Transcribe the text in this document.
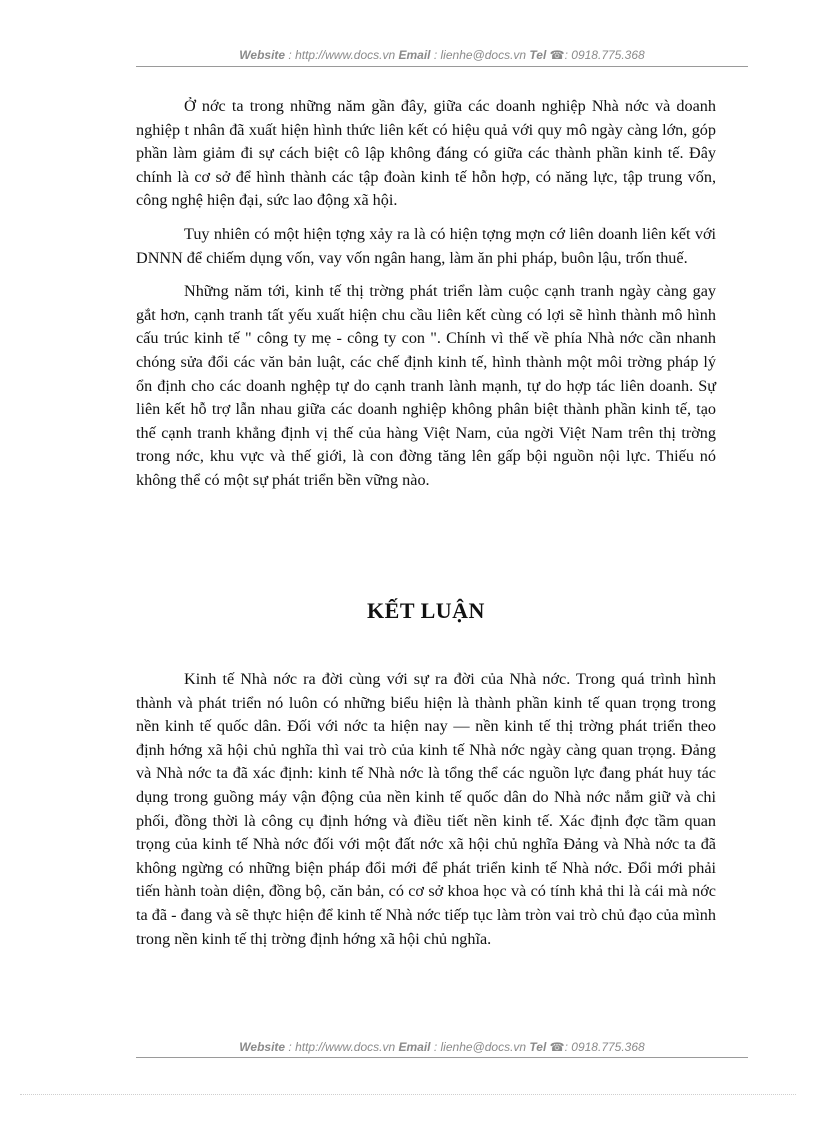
Website : http://www.docs.vn Email : lienhe@docs.vn Tel ☎: 0918.775.368

Ở nớc ta trong những năm gần đây, giữa các doanh nghiệp Nhà nớc và doanh nghiệp t nhân đã xuất hiện hình thức liên kết có hiệu quả với quy mô ngày càng lớn, góp phần làm giảm đi sự cách biệt cô lập không đáng có giữa các thành phần kinh tế. Đây chính là cơ sở để hình thành các tập đoàn kinh tế hỗn hợp, có năng lực, tập trung vốn, công nghệ hiện đại, sức lao động xã hội.

Tuy nhiên có một hiện tợng xảy ra là có hiện tợng mợn cớ liên doanh liên kết với DNNN để chiếm dụng vốn, vay vốn ngân hang, làm ăn phi pháp, buôn lậu, trốn thuế.

Những năm tới, kinh tế thị trờng phát triển làm cuộc cạnh tranh ngày càng gay gắt hơn, cạnh tranh tất yếu xuất hiện chu cầu liên kết cùng có lợi sẽ hình thành mô hình cấu trúc kinh tế " công ty mẹ - công ty con ". Chính vì thế về phía Nhà nớc cần nhanh chóng sửa đổi các văn bản luật, các chế định kinh tế, hình thành một môi trờng pháp lý ổn định cho các doanh nghệp tự do cạnh tranh lành mạnh, tự do hợp tác liên doanh. Sự liên kết hỗ trợ lẫn nhau giữa các doanh nghiệp không phân biệt thành phần kinh tế, tạo thế cạnh tranh khẳng định vị thế của hàng Việt Nam, của ngời Việt Nam trên thị trờng trong nớc, khu vực và thế giới, là con đờng tăng lên gấp bội nguồn nội lực. Thiếu nó không thể có một sự phát triển bền vững nào.

KẾT LUẬN

Kinh tế Nhà nớc ra đời cùng với sự ra đời của Nhà nớc. Trong quá trình hình thành và phát triển nó luôn có những biểu hiện là thành phần kinh tế quan trọng trong nền kinh tế quốc dân. Đối với nớc ta hiện nay — nền kinh tế thị trờng phát triển theo định hớng xã hội chủ nghĩa thì vai trò của kinh tế Nhà nớc ngày càng quan trọng. Đảng và Nhà nớc ta đã xác định: kinh tế Nhà nớc là tổng thể các nguồn lực đang phát huy tác dụng trong guồng máy vận động của nền kinh tế quốc dân do Nhà nớc nắm giữ và chi phối, đồng thời là công cụ định hớng và điều tiết nền kinh tế. Xác định đợc tầm quan trọng của kinh tế Nhà nớc đối với một đất nớc xã hội chủ nghĩa Đảng và Nhà nớc ta đã không ngừng có những biện pháp đổi mới để phát triển kinh tế Nhà nớc. Đổi mới phải tiến hành toàn diện, đồng bộ, căn bản, có cơ sở khoa học và có tính khả thi là cái mà nớc ta đã - đang và sẽ thực hiện để kinh tế Nhà nớc tiếp tục làm tròn vai trò chủ đạo của mình trong nền kinh tế thị trờng định hớng xã hội chủ nghĩa.

Website : http://www.docs.vn Email : lienhe@docs.vn Tel ☎: 0918.775.368
